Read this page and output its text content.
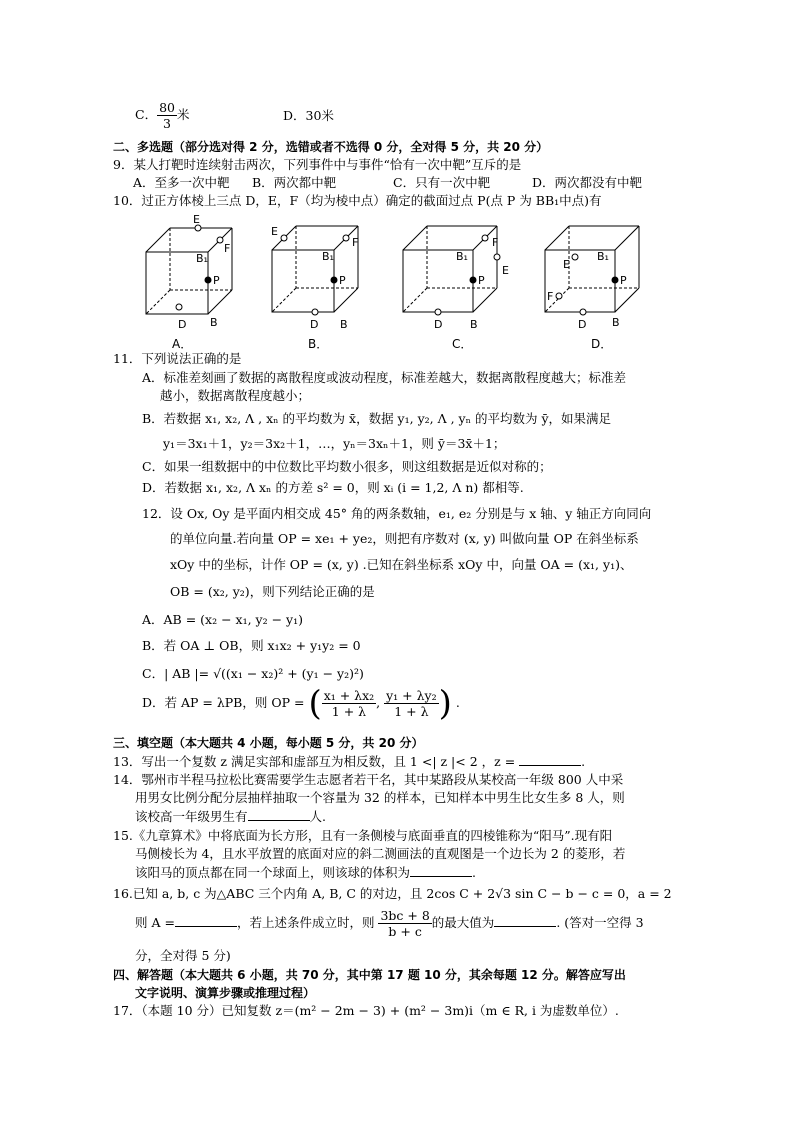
C． $\frac{80}{3}$ 米	D．30米
二、多选题（部分选对得 2 分，选错或者不选得 0 分，全对得 5 分，共 20 分）
9．某人打靶时连续射击两次，下列事件中与事件“恰有一次中靶”互斥的是
A．至多一次中靶 B．两次都中靶	C．只有一次中靶	D．两次都没有中靶
10．过正方体棱上三点 D，E，F（均为棱中点）确定的截面过点 P(点 P 为 BB₁中点)有
E
F
B₁
P
D B
E
F
B₁
P
D B
F
B₁
E
P
D	B
E
B₁
P
F
D B
A．	B．	C．	D．
11．下列说法正确的是
A．标准差刻画了数据的离散程度或波动程度，标准差越大，数据离散程度越大；标准差
越小，数据离散程度越小；
B．若数据 x₁, x₂, Λ , xₙ 的平均数为 x̄，数据 y₁, y₂, Λ , yₙ 的平均数为 ȳ，如果满足
y₁＝3x₁＋1，y₂＝3x₂＋1，…，yₙ＝3xₙ＋1，则 ȳ＝3x̄＋1；
C．如果一组数据中的中位数比平均数小很多，则这组数据是近似对称的；
D．若数据 x₁, x₂, Λ xₙ 的方差 s² = 0，则 xᵢ (i = 1,2, Λ n) 都相等.
12．设 Ox, Oy 是平面内相交成 45° 角的两条数轴，e₁, e₂ 分别是与 x 轴、y 轴正方向同向
的单位向量.若向量 OP = xe₁ + ye₂，则把有序数对 (x, y) 叫做向量 OP 在斜坐标系
xOy 中的坐标，计作 OP = (x, y) .已知在斜坐标系 xOy 中，向量 OA = (x₁, y₁)、
OB = (x₂, y₂)，则下列结论正确的是
A．AB = (x₂ − x₁, y₂ − y₁)
B．若 OA ⊥ OB，则 x₁x₂ + y₁y₂ = 0
C．| AB |= √((x₁ − x₂)² + (y₁ − y₂)²)
D．若 AP = λPB，则 OP = ( $\frac{\text{x₁ + λx₂}}{1 + \lambda}$ , $\frac{\text{y₁ + λy₂}}{1 + \lambda}$ ) .
三、填空题（本大题共 4 小题，每小题 5 分，共 20 分）
13．写出一个复数 z 满足实部和虚部互为相反数，且 1 <| z |< 2 ，z =	.
14．鄂州市半程马拉松比赛需要学生志愿者若干名，其中某路段从某校高一年级 800 人中采
用男女比例分配分层抽样抽取一个容量为 32 的样本，已知样本中男生比女生多 8 人，则
该校高一年级男生有	人.
15.《九章算术》中将底面为长方形，且有一条侧棱与底面垂直的四棱锥称为“阳马”.现有阳
马侧棱长为 4，且水平放置的底面对应的斜二测画法的直观图是一个边长为 2 的菱形，若
该阳马的顶点都在同一个球面上，则该球的体积为	.
16.已知 a, b, c 为△ABC 三个内角 A, B, C 的对边，且 2cos C + 2√3 sin C − b − c = 0，a = 2
则 A =	，若上述条件成立时，则 $\frac{3bc + 8}{b + c}$ 的最大值为	. (答对一空得 3
分，全对得 5 分)
四、解答题（本大题共 6 小题，共 70 分，其中第 17 题 10 分，其余每题 12 分。解答应写出
文字说明、演算步骤或推理过程）
17．（本题 10 分）已知复数 z＝(m² − 2m − 3) + (m² − 3m)i（m ∈ R, i 为虚数单位）.
